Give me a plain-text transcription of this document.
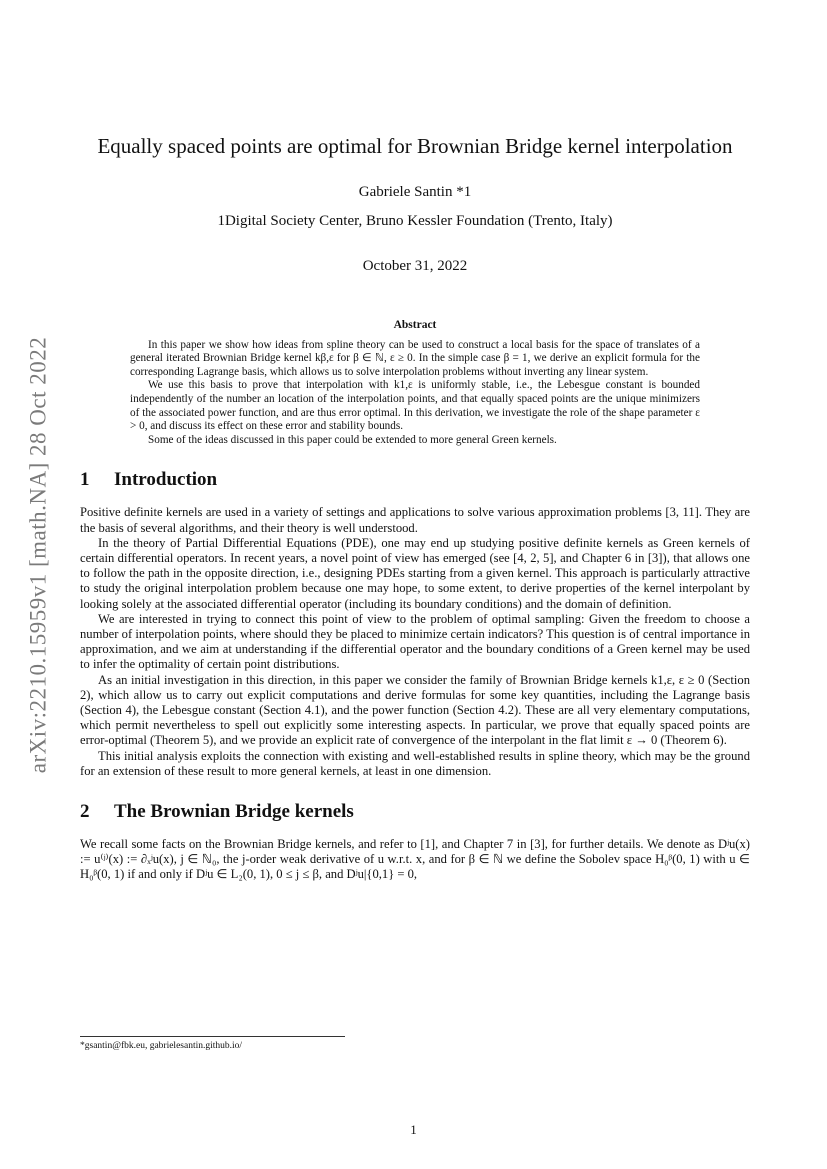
arXiv:2210.15959v1 [math.NA] 28 Oct 2022
Equally spaced points are optimal for Brownian Bridge kernel interpolation
Gabriele Santin *1
1Digital Society Center, Bruno Kessler Foundation (Trento, Italy)
October 31, 2022
Abstract

In this paper we show how ideas from spline theory can be used to construct a local basis for the space of translates of a general iterated Brownian Bridge kernel kβ,ε for β ∈ ℕ, ε ≥ 0. In the simple case β = 1, we derive an explicit formula for the corresponding Lagrange basis, which allows us to solve interpolation problems without inverting any linear system.

We use this basis to prove that interpolation with k1,ε is uniformly stable, i.e., the Lebesgue constant is bounded independently of the number an location of the interpolation points, and that equally spaced points are the unique minimizers of the associated power function, and are thus error optimal. In this derivation, we investigate the role of the shape parameter ε > 0, and discuss its effect on these error and stability bounds.

Some of the ideas discussed in this paper could be extended to more general Green kernels.

1 Introduction

Positive definite kernels are used in a variety of settings and applications to solve various approximation problems [3, 11]. They are the basis of several algorithms, and their theory is well understood.

In the theory of Partial Differential Equations (PDE), one may end up studying positive definite kernels as Green kernels of certain differential operators. In recent years, a novel point of view has emerged (see [4, 2, 5], and Chapter 6 in [3]), that allows one to follow the path in the opposite direction, i.e., designing PDEs starting from a given kernel. This approach is particularly attractive to study the original interpolation problem because one may hope, to some extent, to derive properties of the kernel interpolant by looking solely at the associated differential operator (including its boundary conditions) and the domain of definition.

We are interested in trying to connect this point of view to the problem of optimal sampling: Given the freedom to choose a number of interpolation points, where should they be placed to minimize certain indicators? This question is of central importance in approximation, and we aim at understanding if the differential operator and the boundary conditions of a Green kernel may be used to infer the optimality of certain point distributions.

As an initial investigation in this direction, in this paper we consider the family of Brownian Bridge kernels k1,ε, ε ≥ 0 (Section 2), which allow us to carry out explicit computations and derive formulas for some key quantities, including the Lagrange basis (Section 4), the Lebesgue constant (Section 4.1), and the power function (Section 4.2). These are all very elementary computations, which permit nevertheless to spell out explicitly some interesting aspects. In particular, we prove that equally spaced points are error-optimal (Theorem 5), and we provide an explicit rate of convergence of the interpolant in the flat limit ε → 0 (Theorem 6).

This initial analysis exploits the connection with existing and well-established results in spline theory, which may be the ground for an extension of these result to more general kernels, at least in one dimension.

2 The Brownian Bridge kernels

We recall some facts on the Brownian Bridge kernels, and refer to [1], and Chapter 7 in [3], for further details. We denote as Dʲu(x) := u⁽ʲ⁾(x) := ∂ₓʲu(x), j ∈ ℕ₀, the j-order weak derivative of u w.r.t. x, and for β ∈ ℕ we define the Sobolev space H₀ᵝ(0, 1) with u ∈ H₀ᵝ(0, 1) if and only if Dʲu ∈ L₂(0, 1), 0 ≤ j ≤ β, and Dʲu|{0,1} = 0,

*gsantin@fbk.eu, gabrielesantin.github.io/
1
